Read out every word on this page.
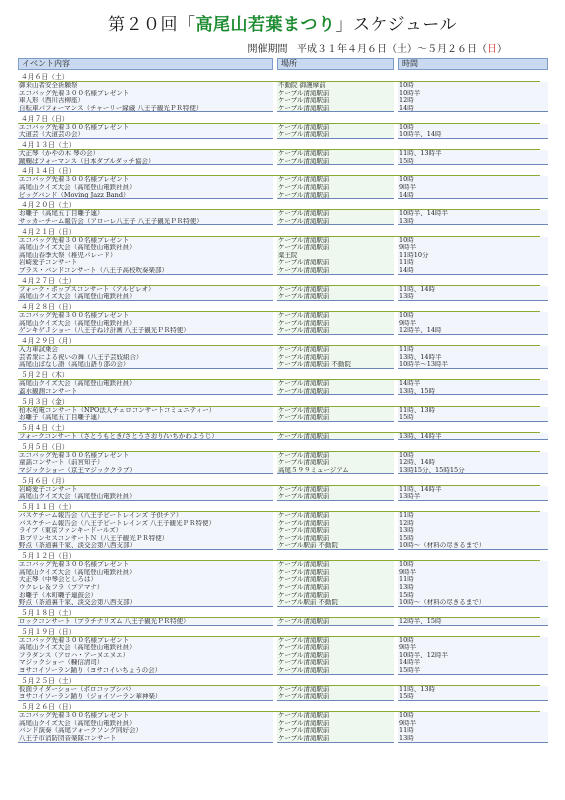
第２０回「高尾山若葉まつり」スケジュール
開催期間 平成３１年４月６日（土）～５月２６日（日）
イベント内容	場所	時間
４月６日（土）
御来山者安全祈願祭	不動院 御護摩前	10時
エコバッグ先着３００名様プレゼント	ケーブル清滝駅前	10時半
車人形（西川古柳座）	ケーブル清滝駅前	12時
自転車パフォーマンス（チャーリー縁蔵 八王子観光ＰＲ特使）	ケーブル清滝駅前	14時
４月７日（日）
エコバッグ先着３００名様プレゼント	ケーブル清滝駅前	10時
大道芸（大道芸の会）	ケーブル清滝駅前	10時半、14時
４月１３日（土）
大正琴（かやの木 琴の会）	ケーブル清滝駅前	11時、13時半
蹴鞠ぱフォーマンス（日本ダブルダッチ協会）	ケーブル清滝駅前	15時
４月１４日（日）
エコバッグ先着３００名様プレゼント	ケーブル清滝駅前	10時
高尾山クイズ大会（高尾登山電鉄社員）	ケーブル清滝駅前	9時半
ビッグバンド（Moving Jazz Band）	ケーブル清滝駅前	14時
４月２０日（土）
お囃子（高尾五丁目囃子連）	ケーブル清滝駅前	10時半、14時半
サッカーチーム報告会（アローレ八王子 八王子観光ＰＲ特使）	ケーブル清滝駅前	13時
４月２１日（日）
エコバッグ先着３００名様プレゼント	ケーブル清滝駅前	10時
高尾山クイズ大会（高尾登山電鉄社員）	ケーブル清滝駅前	9時半
高尾山春季大祭（稚児パレード）	薬王院	11時10分
岩崎愛子コンサート	ケーブル清滝駅前	11時
ブラス・バンドコンサート（八王子高校吹奏楽部）	ケーブル清滝駅前	14時
４月２７日（土）
フォーク・ポップスコンサート（アルビレオ）	ケーブル清滝駅前	11時、14時
高尾山クイズ大会（高尾登山電鉄社員）	ケーブル清滝駅前	13時
４月２８日（日）
エコバッグ先着３００名様プレゼント	ケーブル清滝駅前	10時
高尾山クイズ大会（高尾登山電鉄社員）	ケーブル清滝駅前	9時半
ゲンキゲＪショー（八王子ねけ計画 八王子観光ＰＲ特使）	ケーブル清滝駅前	12時半、14時
４月２９日（月）
入力車試乗会	ケーブル清滝駅前	11時
芸者衆による祝いの舞（八王子芸妓組合）	ケーブル清滝駅前	13時、14時半
高尾山ばなし語（高尾山語り部の会）	ケーブル清滝駅前 不動院	10時半～13時半
５月２日（木）
高尾山クイズ大会（高尾登山電鉄社員）	ケーブル清滝駅前	14時半
蓋水観測コンサート	ケーブル清滝駅前	13時、15時
５月３日（金）
柏木苑電コンサート（NPO法人チェロコンサートコミュニティー）	ケーブル清滝駅前	11時、13時
お囃子（高尾五丁目囃子連）	ケーブル清滝駅前	15時
５月４日（土）
フォークコンサート（さとうもとき/さとうさおり/いちかわようじ）	ケーブル清滝駅前	13時、14時半
５月５日（日）
エコバッグ先着３００名様プレゼント	ケーブル清滝駅前	10時
童謡コンサート（前宮知子）	ケーブル清滝駅前	12時、14時
マジックショー（京王マジッククラブ）	高尾５９９ミュージアム	13時15分、15時15分
５月６日（月）
岩崎愛子コンサート	ケーブル清滝駅前	11時、14時半
高尾山クイズ大会（高尾登山電鉄社員）	ケーブル清滝駅前	13時半
５月１１日（土）
バスケチーム報告会（八王子ビートレインズ 子供チア）	ケーブル清滝駅前	11時
バスケチーム報告会（八王子ビートレインズ 八王子観光ＰＲ特使）	ケーブル清滝駅前	12時
ライブ（東京ファンキードールズ）	ケーブル清滝駅前	13時
ＢプリンセスコンサートＮ（八王子観光ＰＲ特使）	ケーブル清滝駅前	15時
野点（茶道裏千家、淡交会第八西支部）	ケーブル駅前 不動院	10時～（材料の尽きるまで）
５月１２日（日）
エコバッグ先着３００名様プレゼント	ケーブル清滝駅前	10時
高尾山クイズ大会（高尾登山電鉄社員）	ケーブル清滝駅前	9時半
大正琴（中琴会としろは）	ケーブル清滝駅前	11時
ウクレレ＆フラ（プアマナ）	ケーブル清滝駅前	13時
お囃子（木町囃子連鼓会）	ケーブル清滝駅前	15時
野点（茶道裏千家、淡交会第八西支部）	ケーブル駅前 不動院	10時～（材料の尽きるまで）
５月１８日（土）
ロックコンサート（プラチナリズム 八王子観光ＰＲ特使）	ケーブル清滝駅前	12時半、15時
５月１９日（日）
エコバッグ先着３００名様プレゼント	ケーブル清滝駅前	10時
高尾山クイズ大会（高尾登山電鉄社員）	ケーブル清滝駅前	9時半
フラダンス（アロハ・アーヌエヌエ）	ケーブル清滝駅前	10時半、12時半
マジックショー（糠信清司）	ケーブル清滝駅前	14時半
ヨサコイソーラン踊り（ヨサコイいちょうの会）	ケーブル清滝駅前	15時半
５月２５日（土）
仮面ライダーショー（ボロコップシバ）	ケーブル清滝駅前	11時、13時
ヨサコイソーラン踊り（ジョイソーラン華神楽）	ケーブル清滝駅前	15時
５月２６日（日）
エコバッグ先着３００名様プレゼント	ケーブル清滝駅前	10時
高尾山クイズ大会（高尾登山電鉄社員）	ケーブル清滝駅前	9時半
バンド演奏（高尾フォークソング同好会）	ケーブル清滝駅前	11時
八王子市消防団音楽隊コンサート	ケーブル清滝駅前	13時
